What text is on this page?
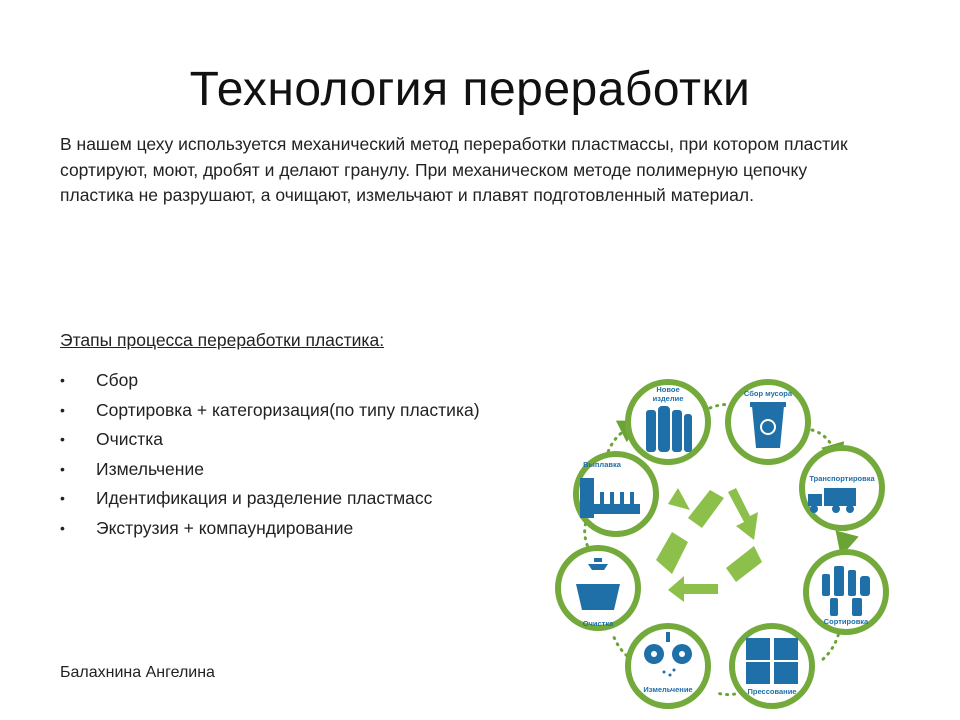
Технология переработки
В нашем цеху используется механический метод переработки пластмассы, при котором пластик сортируют, моют, дробят и делают гранулу. При механическом методе полимерную цепочку пластика не разрушают, а очищают, измельчают и плавят подготовленный материал.
Этапы процесса переработки пластика:
• Сбор
• Сортировка + категоризация(по типу пластика)
• Очистка
• Измельчение
• Идентификация и разделение пластмасс
• Экструзия + компаундирование
Балахнина Ангелина
Новое
изделие
Сбор мусора
Транспортировка
Сортировка
Прессование
Измельчение
Очистка
Выплавка
